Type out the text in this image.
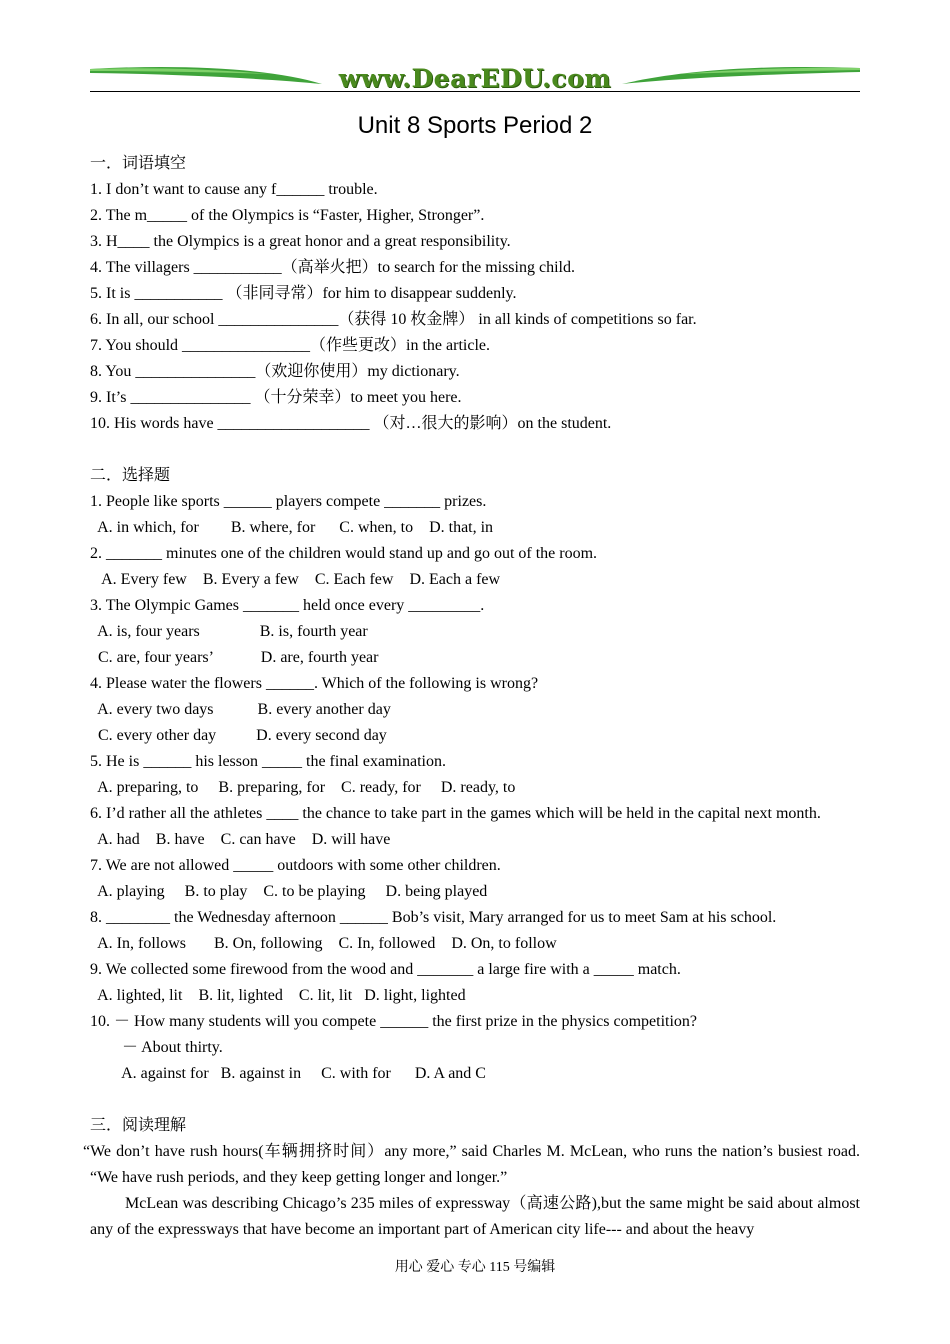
www.DearEDU.com
Unit 8 Sports Period 2
一．词语填空
1. I don’t want to cause any f______ trouble.
2. The m_____ of the Olympics is “Faster, Higher, Stronger”.
3. H____ the Olympics is a great honor and a great responsibility.
4. The villagers ___________（高举火把）to search for the missing child.
5. It is ___________ （非同寻常）for him to disappear suddenly.
6. In all, our school _______________（获得 10 枚金牌） in all kinds of competitions so far.
7. You should ________________（作些更改）in the article.
8. You _______________（欢迎你使用）my dictionary.
9. It’s _______________ （十分荣幸）to meet you here.
10. His words have ___________________ （对…很大的影响）on the student.
二．选择题
1. People like sports ______ players compete _______ prizes.
A. in which, for        B. where, for      C. when, to    D. that, in
2. _______ minutes one of the children would stand up and go out of the room.
A. Every few    B. Every a few    C. Each few    D. Each a few
3. The Olympic Games _______ held once every _________.
A. is, four years               B. is, fourth year
C. are, four years’            D. are, fourth year
4. Please water the flowers ______. Which of the following is wrong?
A. every two days           B. every another day
C. every other day          D. every second day
5. He is ______ his lesson _____ the final examination.
A. preparing, to     B. preparing, for    C. ready, for     D. ready, to
6. I’d rather all the athletes ____ the chance to take part in the games which will be held in the capital next month.
A. had    B. have    C. can have    D. will have
7. We are not allowed _____ outdoors with some other children.
A. playing     B. to play    C. to be playing     D. being played
8. ________ the Wednesday afternoon ______ Bob’s visit, Mary arranged for us to meet Sam at his school.
A. In, follows       B. On, following    C. In, followed    D. On, to follow
9. We collected some firewood from the wood and _______ a large fire with a _____ match.
A. lighted, lit    B. lit, lighted    C. lit, lit   D. light, lighted
10. － How many students will you compete ______ the first prize in the physics competition?
－ About thirty.
A. against for   B. against in     C. with for      D. A and C
三．阅读理解
“We don’t have rush hours(车辆拥挤时间）any more,” said Charles M. McLean, who runs the nation’s busiest road. “We have rush periods, and they keep getting longer and longer.”
McLean was describing Chicago’s 235 miles of expressway（高速公路),but the same might be said about almost any of the expressways that have become an important part of American city life--- and about the heavy
用心 爱心 专心 115 号编辑
